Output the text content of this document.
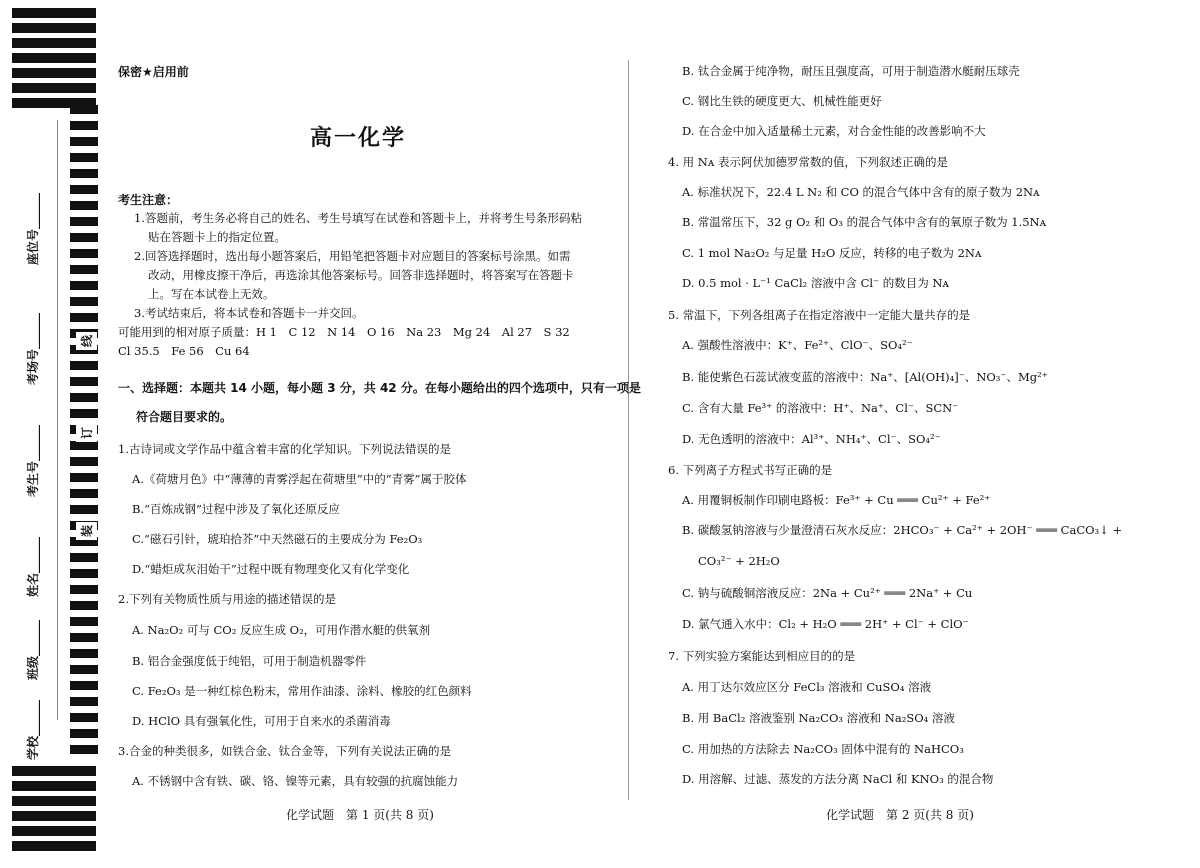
座位号______
考场号______
考生号______
姓名______
班级______
学校______
线
订
装
保密★启用前
高一化学
考生注意：
1.答题前，考生务必将自己的姓名、考生号填写在试卷和答题卡上，并将考生号条形码粘
贴在答题卡上的指定位置。
2.回答选择题时，选出每小题答案后，用铅笔把答题卡对应题目的答案标号涂黑。如需
改动，用橡皮擦干净后，再选涂其他答案标号。回答非选择题时，将答案写在答题卡
上。写在本试卷上无效。
3.考试结束后，将本试卷和答题卡一并交回。
可能用到的相对原子质量：H 1　C 12　N 14　O 16　Na 23　Mg 24　Al 27　S 32
Cl 35.5　Fe 56　Cu 64
一、选择题：本题共 14 小题，每小题 3 分，共 42 分。在每小题给出的四个选项中，只有一项是
符合题目要求的。
1.古诗词或文学作品中蕴含着丰富的化学知识。下列说法错误的是
A.《荷塘月色》中“薄薄的青雾浮起在荷塘里”中的“青雾”属于胶体
B.“百炼成钢”过程中涉及了氧化还原反应
C.“磁石引针，琥珀拾芥”中天然磁石的主要成分为 Fe₂O₃
D.“蜡炬成灰泪始干”过程中既有物理变化又有化学变化
2.下列有关物质性质与用途的描述错误的是
A. Na₂O₂ 可与 CO₂ 反应生成 O₂，可用作潜水艇的供氧剂
B. 铝合金强度低于纯铝，可用于制造机器零件
C. Fe₂O₃ 是一种红棕色粉末，常用作油漆、涂料、橡胶的红色颜料
D. HClO 具有强氧化性，可用于自来水的杀菌消毒
3.合金的种类很多，如铁合金、钛合金等，下列有关说法正确的是
A. 不锈钢中含有铁、碳、铬、镍等元素，具有较强的抗腐蚀能力
B. 钛合金属于纯净物，耐压且强度高，可用于制造潜水艇耐压球壳
C. 钢比生铁的硬度更大、机械性能更好
D. 在合金中加入适量稀土元素，对合金性能的改善影响不大
4. 用 Nᴀ 表示阿伏加德罗常数的值，下列叙述正确的是
A. 标准状况下，22.4 L N₂ 和 CO 的混合气体中含有的原子数为 2Nᴀ
B. 常温常压下，32 g O₂ 和 O₃ 的混合气体中含有的氧原子数为 1.5Nᴀ
C. 1 mol Na₂O₂ 与足量 H₂O 反应，转移的电子数为 2Nᴀ
D. 0.5 mol · L⁻¹ CaCl₂ 溶液中含 Cl⁻ 的数目为 Nᴀ
5. 常温下，下列各组离子在指定溶液中一定能大量共存的是
A. 强酸性溶液中：K⁺、Fe²⁺、ClO⁻、SO₄²⁻
B. 能使紫色石蕊试液变蓝的溶液中：Na⁺、[Al(OH)₄]⁻、NO₃⁻、Mg²⁺
C. 含有大量 Fe³⁺ 的溶液中：H⁺、Na⁺、Cl⁻、SCN⁻
D. 无色透明的溶液中：Al³⁺、NH₄⁺、Cl⁻、SO₄²⁻
6. 下列离子方程式书写正确的是
A. 用覆铜板制作印刷电路板：Fe³⁺ + Cu ═══ Cu²⁺ + Fe²⁺
B. 碳酸氢钠溶液与少量澄清石灰水反应：2HCO₃⁻ + Ca²⁺ + 2OH⁻ ═══ CaCO₃↓ +
CO₃²⁻ + 2H₂O
C. 钠与硫酸铜溶液反应：2Na + Cu²⁺ ═══ 2Na⁺ + Cu
D. 氯气通入水中：Cl₂ + H₂O ═══ 2H⁺ + Cl⁻ + ClO⁻
7. 下列实验方案能达到相应目的的是
A. 用丁达尔效应区分 FeCl₃ 溶液和 CuSO₄ 溶液
B. 用 BaCl₂ 溶液鉴别 Na₂CO₃ 溶液和 Na₂SO₄ 溶液
C. 用加热的方法除去 Na₂CO₃ 固体中混有的 NaHCO₃
D. 用溶解、过滤、蒸发的方法分离 NaCl 和 KNO₃ 的混合物
化学试题　第 1 页(共 8 页)	化学试题　第 2 页(共 8 页)
